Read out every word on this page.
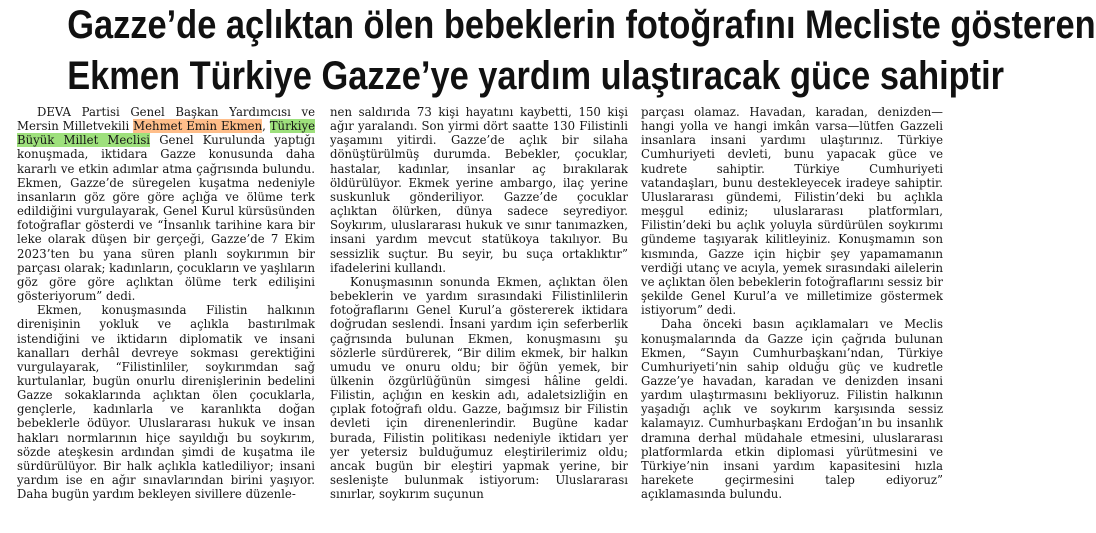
Gazze’de açlıktan ölen bebeklerin fotoğrafını Mecliste gösteren
Ekmen Türkiye Gazze’ye yardım ulaştıracak güce sahiptir

DEVA Partisi Genel Başkan Yardımcısı ve Mersin Milletvekili Mehmet Emin Ekmen, Türkiye Büyük Millet Meclisi Genel Kurulunda yaptığı konuşmada, iktidara Gazze konusunda daha kararlı ve etkin adımlar atma çağrısında bulundu. Ekmen, Gazze’de süregelen kuşatma nedeniyle insanların göz göre göre açlığa ve ölüme terk edildiğini vurgulayarak, Genel Kurul kürsüsünden fotoğraflar gösterdi ve “İnsanlık tarihine kara bir leke olarak düşen bir gerçeği, Gazze’de 7 Ekim 2023’ten bu yana süren planlı soykırımın bir parçası olarak; kadınların, çocukların ve yaşlıların göz göre göre açlıktan ölüme terk edilişini gösteriyorum” dedi.

Ekmen, konuşmasında Filistin halkının direnişinin yokluk ve açlıkla bastırılmak istendiğini ve iktidarın diplomatik ve insani kanalları derhâl devreye sokması gerektiğini vurgulayarak, “Filistinliler, soykırımdan sağ kurtulanlar, bugün onurlu direnişlerinin bedelini Gazze sokaklarında açlıktan ölen çocuklarla, gençlerle, kadınlarla ve karanlıkta doğan bebeklerle ödüyor. Uluslararası hukuk ve insan hakları normlarının hiçe sayıldığı bu soykırım, sözde ateşkesin ardından şimdi de kuşatma ile sürdürülüyor. Bir halk açlıkla katlediliyor; insani yardım ise en ağır sınavlarından birini yaşıyor. Daha bugün yardım bekleyen sivillere düzenle-

nen saldırıda 73 kişi hayatını kaybetti, 150 kişi ağır yaralandı. Son yirmi dört saatte 130 Filistinli yaşamını yitirdi. Gazze’de açlık bir silaha dönüştürülmüş durumda. Bebekler, çocuklar, hastalar, kadınlar, insanlar aç bırakılarak öldürülüyor. Ekmek yerine ambargo, ilaç yerine suskunluk gönderiliyor. Gazze’de çocuklar açlıktan ölürken, dünya sadece seyrediyor. Soykırım, uluslararası hukuk ve sınır tanımazken, insani yardım mevcut statükoya takılıyor. Bu sessizlik suçtur. Bu seyir, bu suça ortaklıktır” ifadelerini kullandı.

Konuşmasının sonunda Ekmen, açlıktan ölen bebeklerin ve yardım sırasındaki Filistinlilerin fotoğraflarını Genel Kurul’a göstererek iktidara doğrudan seslendi. İnsani yardım için seferberlik çağrısında bulunan Ekmen, konuşmasını şu sözlerle sürdürerek, “Bir dilim ekmek, bir halkın umudu ve onuru oldu; bir öğün yemek, bir ülkenin özgürlüğünün simgesi hâline geldi. Filistin, açlığın en keskin adı, adaletsizliğin en çıplak fotoğrafı oldu. Gazze, bağımsız bir Filistin devleti için direnenlerindir. Bugüne kadar burada, Filistin politikası nedeniyle iktidarı yer yer yetersiz bulduğumuz eleştirilerimiz oldu; ancak bugün bir eleştiri yapmak yerine, bir seslenişte bulunmak istiyorum: Uluslararası sınırlar, soykırım suçunun

parçası olamaz. Havadan, karadan, denizden—hangi yolla ve hangi imkân varsa—lütfen Gazzeli insanlara insani yardımı ulaştırınız. Türkiye Cumhuriyeti devleti, bunu yapacak güce ve kudrete sahiptir. Türkiye Cumhuriyeti vatandaşları, bunu destekleyecek iradeye sahiptir. Uluslararası gündemi, Filistin’deki bu açlıkla meşgul ediniz; uluslararası platformları, Filistin’deki bu açlık yoluyla sürdürülen soykırımı gündeme taşıyarak kilitleyiniz. Konuşmamın son kısmında, Gazze için hiçbir şey yapamamanın verdiği utanç ve acıyla, yemek sırasındaki ailelerin ve açlıktan ölen bebeklerin fotoğraflarını sessiz bir şekilde Genel Kurul’a ve milletimize göstermek istiyorum” dedi.

Daha önceki basın açıklamaları ve Meclis konuşmalarında da Gazze için çağrıda bulunan Ekmen, “Sayın Cumhurbaşkanı’ndan, Türkiye Cumhuriyeti’nin sahip olduğu güç ve kudretle Gazze’ye havadan, karadan ve denizden insani yardım ulaştırmasını bekliyoruz. Filistin halkının yaşadığı açlık ve soykırım karşısında sessiz kalamayız. Cumhurbaşkanı Erdoğan’ın bu insanlık dramına derhal müdahale etmesini, uluslararası platformlarda etkin diplomasi yürütmesini ve Türkiye’nin insani yardım kapasitesini hızla harekete geçirmesini talep ediyoruz” açıklamasında bulundu.
